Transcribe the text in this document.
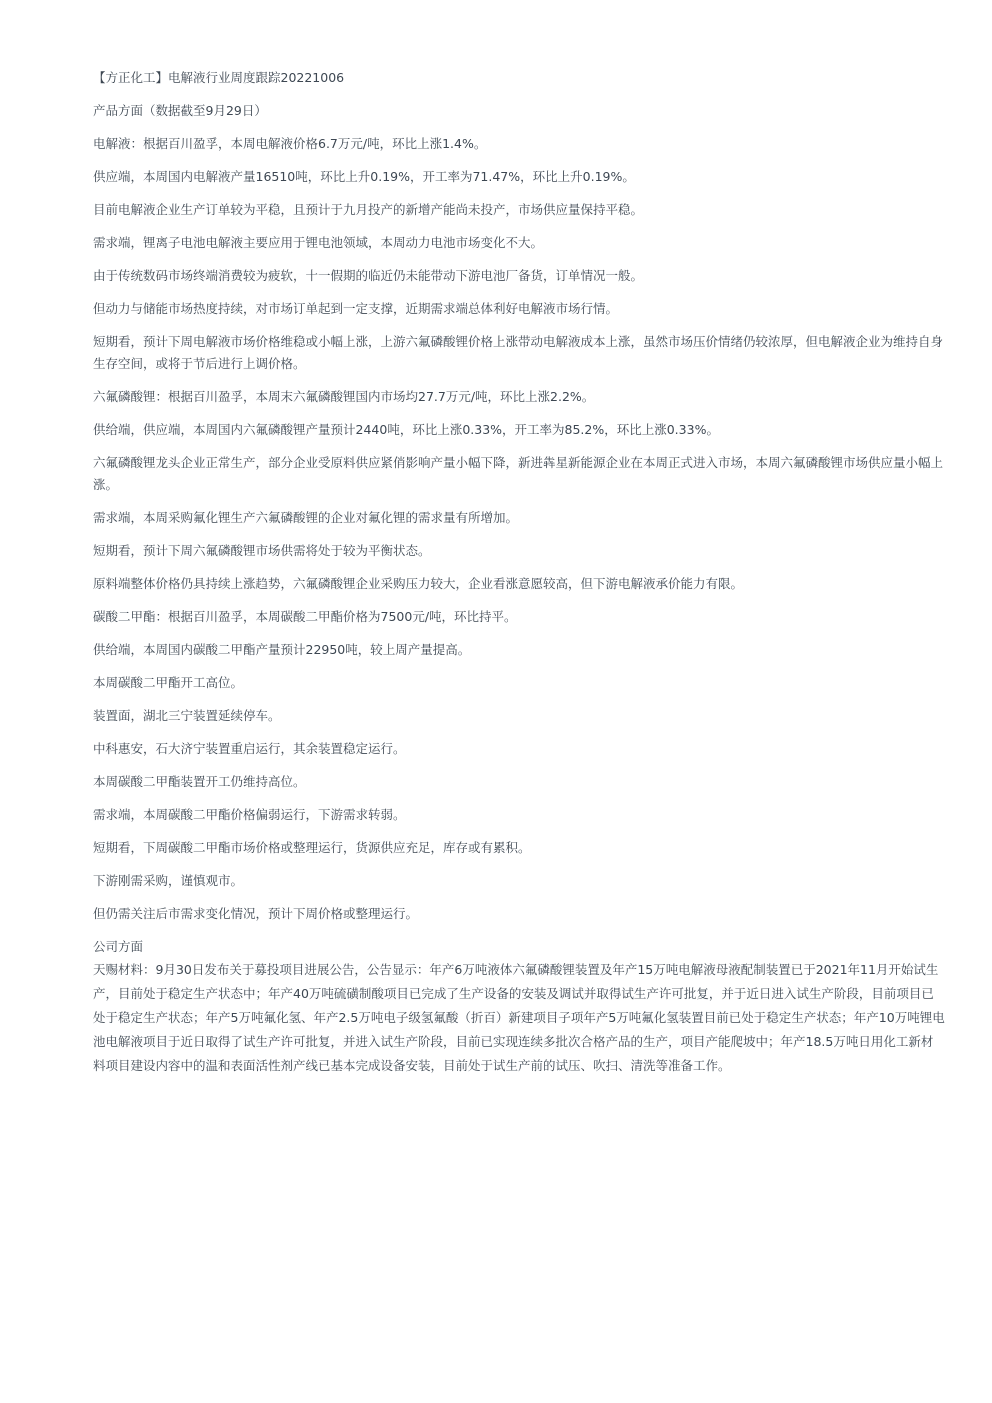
【方正化工】电解液行业周度跟踪20221006

产品方面（数据截至9月29日）

电解液：根据百川盈孚，本周电解液价格6.7万元/吨，环比上涨1.4%。

供应端，本周国内电解液产量16510吨，环比上升0.19%，开工率为71.47%，环比上升0.19%。

目前电解液企业生产订单较为平稳，且预计于九月投产的新增产能尚未投产，市场供应量保持平稳。

需求端，锂离子电池电解液主要应用于锂电池领域，本周动力电池市场变化不大。

由于传统数码市场终端消费较为疲软，十一假期的临近仍未能带动下游电池厂备货，订单情况一般。

但动力与储能市场热度持续，对市场订单起到一定支撑，近期需求端总体利好电解液市场行情。

短期看，预计下周电解液市场价格维稳或小幅上涨，上游六氟磷酸锂价格上涨带动电解液成本上涨，虽然市场压价情绪仍较浓厚，但电解液企业为维持自身生存空间，或将于节后进行上调价格。

六氟磷酸锂：根据百川盈孚，本周末六氟磷酸锂国内市场均27.7万元/吨，环比上涨2.2%。

供给端，供应端，本周国内六氟磷酸锂产量预计2440吨，环比上涨0.33%，开工率为85.2%，环比上涨0.33%。

六氟磷酸锂龙头企业正常生产，部分企业受原料供应紧俏影响产量小幅下降，新进犇星新能源企业在本周正式进入市场，本周六氟磷酸锂市场供应量小幅上涨。

需求端，本周采购氟化锂生产六氟磷酸锂的企业对氟化锂的需求量有所增加。

短期看，预计下周六氟磷酸锂市场供需将处于较为平衡状态。

原料端整体价格仍具持续上涨趋势，六氟磷酸锂企业采购压力较大，企业看涨意愿较高，但下游电解液承价能力有限。

碳酸二甲酯：根据百川盈孚，本周碳酸二甲酯价格为7500元/吨，环比持平。

供给端，本周国内碳酸二甲酯产量预计22950吨，较上周产量提高。

本周碳酸二甲酯开工高位。

装置面，湖北三宁装置延续停车。

中科惠安，石大济宁装置重启运行，其余装置稳定运行。

本周碳酸二甲酯装置开工仍维持高位。

需求端，本周碳酸二甲酯价格偏弱运行，下游需求转弱。

短期看，下周碳酸二甲酯市场价格或整理运行，货源供应充足，库存或有累积。

下游刚需采购，谨慎观市。

但仍需关注后市需求变化情况，预计下周价格或整理运行。

公司方面

天赐材料：9月30日发布关于募投项目进展公告，公告显示：年产6万吨液体六氟磷酸锂装置及年产15万吨电解液母液配制装置已于2021年11月开始试生产，目前处于稳定生产状态中；年产40万吨硫磺制酸项目已完成了生产设备的安装及调试并取得试生产许可批复，并于近日进入试生产阶段，目前项目已处于稳定生产状态；年产5万吨氟化氢、年产2.5万吨电子级氢氟酸（折百）新建项目子项年产5万吨氟化氢装置目前已处于稳定生产状态；年产10万吨锂电池电解液项目于近日取得了试生产许可批复，并进入试生产阶段，目前已实现连续多批次合格产品的生产，项目产能爬坡中；年产18.5万吨日用化工新材料项目建设内容中的温和表面活性剂产线已基本完成设备安装，目前处于试生产前的试压、吹扫、清洗等准备工作。
